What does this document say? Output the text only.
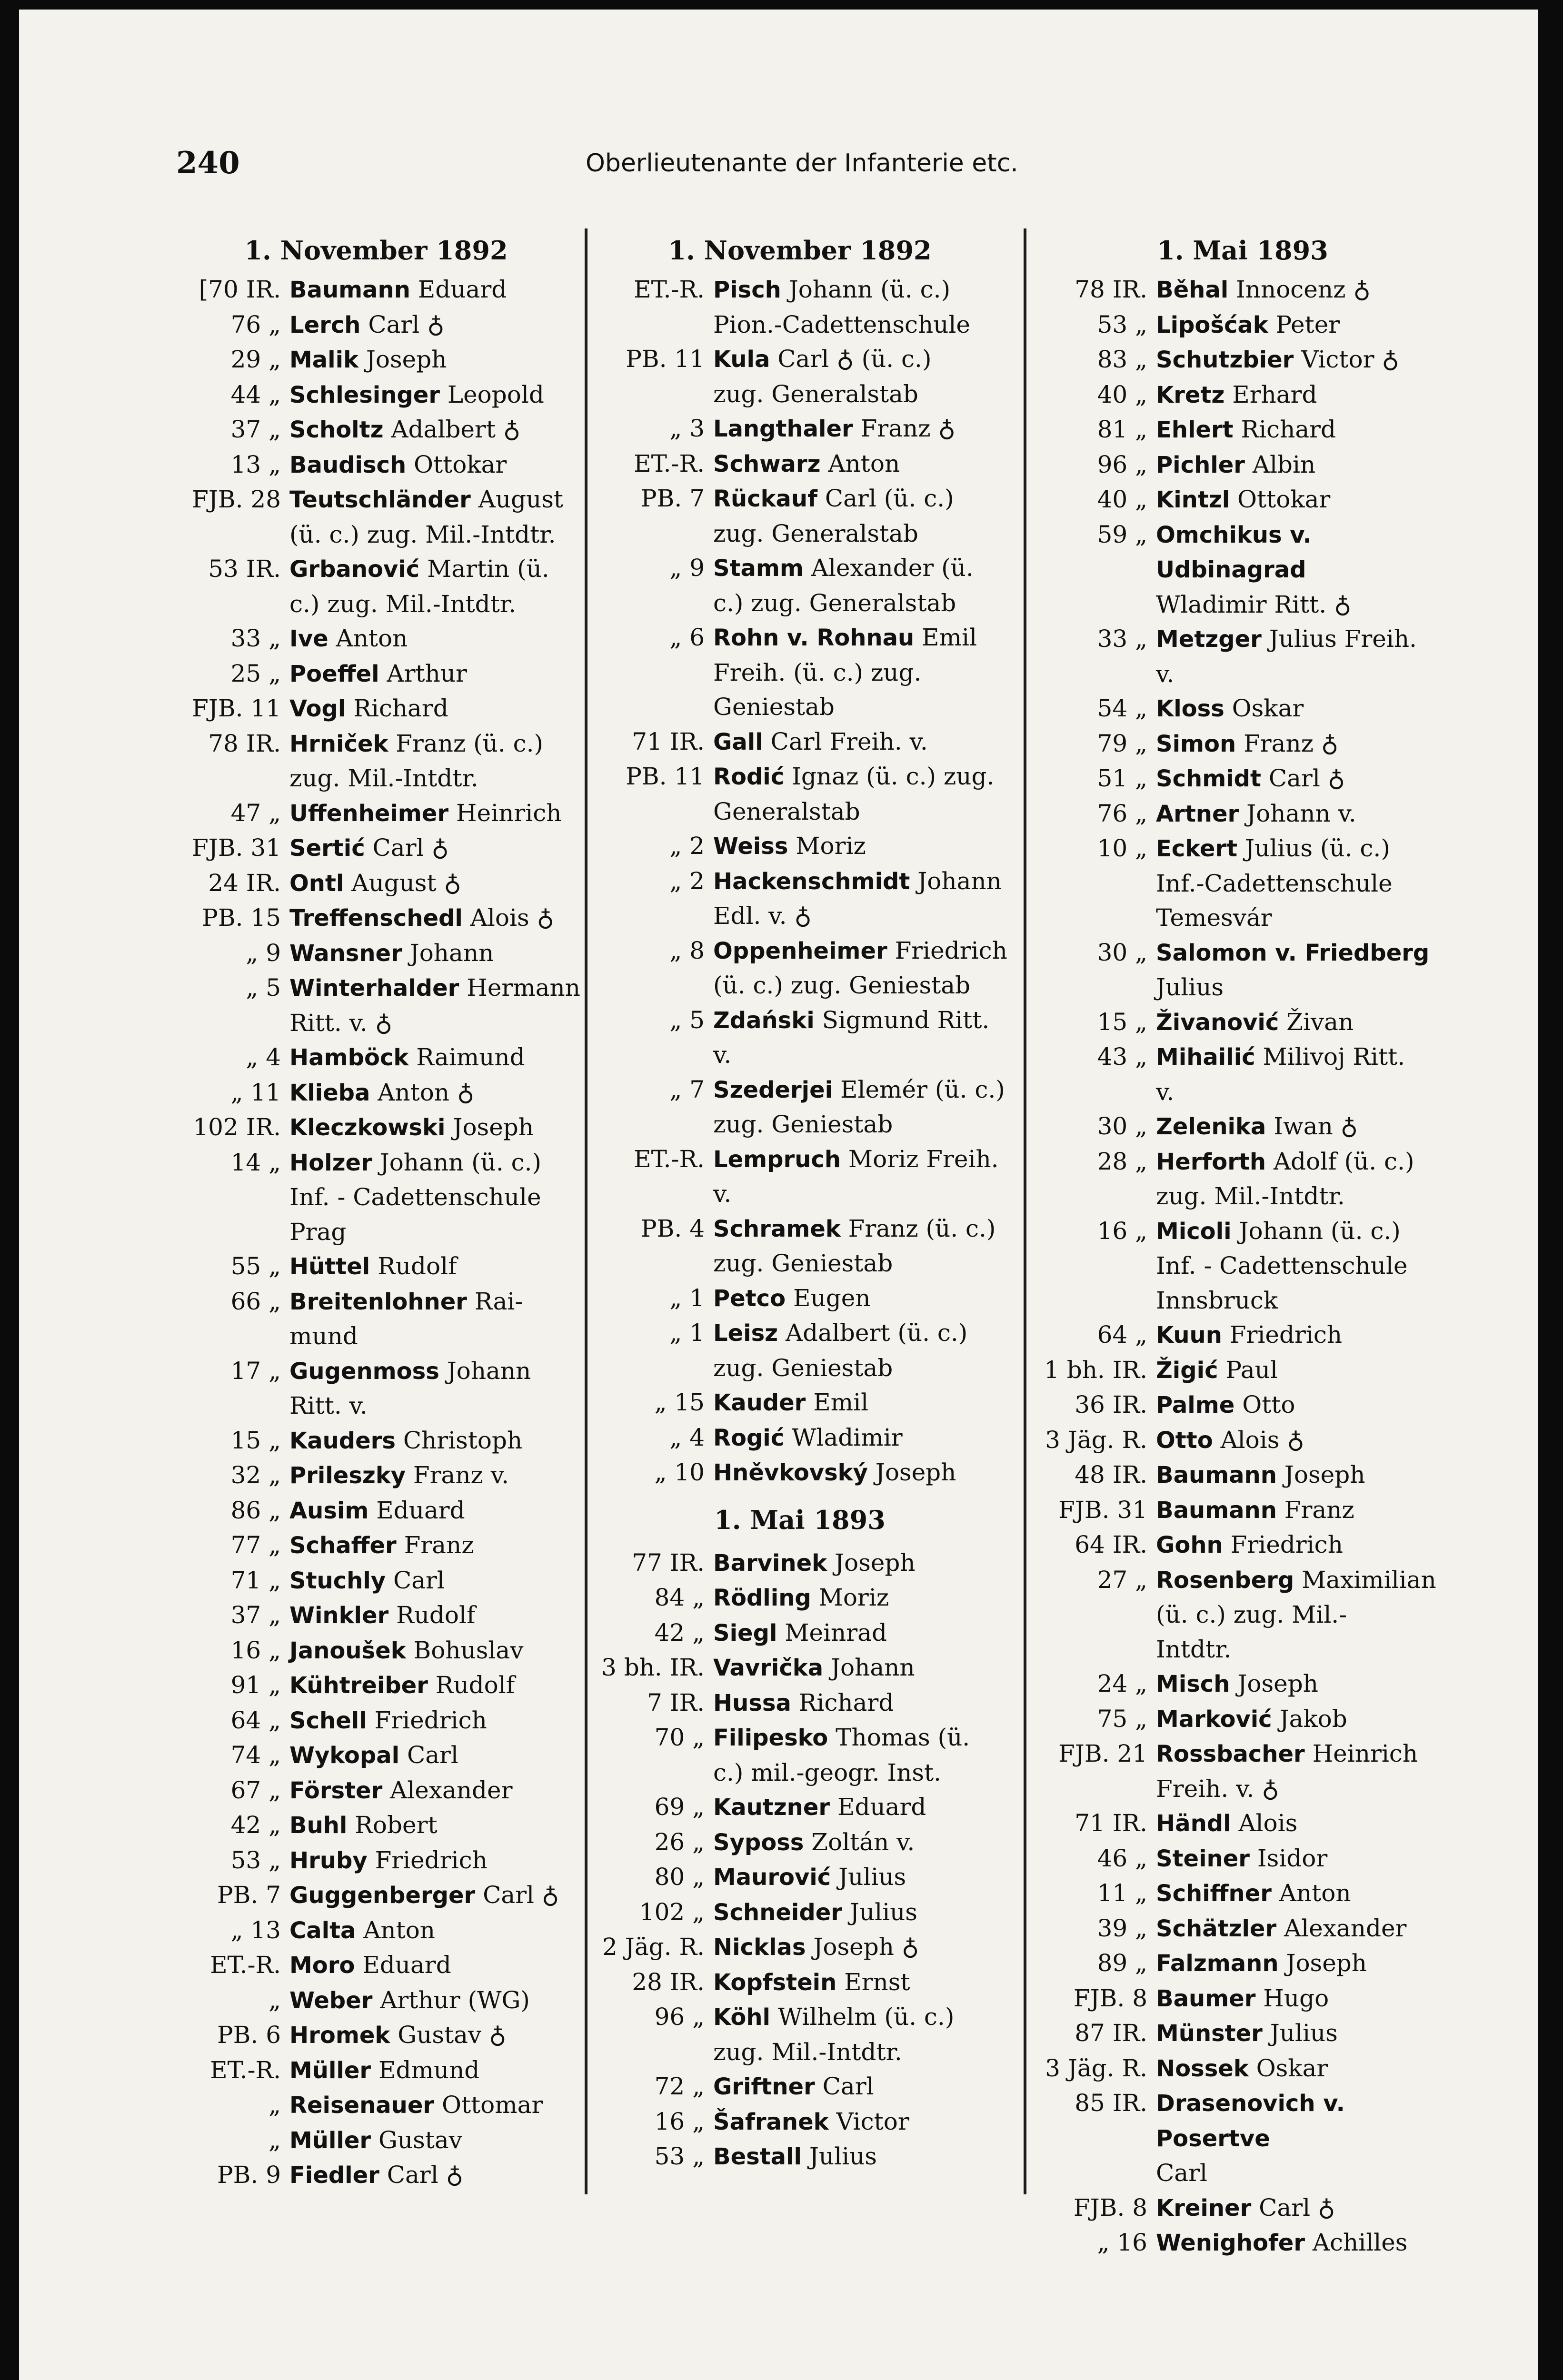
240	Oberlieutenante der Infanterie etc.
1. November 1892
[70 IR. Baumann Eduard
76 „ Lerch Carl ♁
29 „ Malik Joseph
44 „ Schlesinger Leopold
37 „ Scholtz Adalbert ♁
13 „ Baudisch Ottokar
FJB. 28 Teutschländer August
(ü. c.) zug. Mil.-Intdtr.
53 IR. Grbanović Martin (ü.
c.) zug. Mil.-Intdtr.
33 „ Ive Anton
25 „ Poeffel Arthur
FJB. 11 Vogl Richard
78 IR. Hrniček Franz (ü. c.)
zug. Mil.-Intdtr.
47 „ Uffenheimer Heinrich
FJB. 31 Sertić Carl ♁
24 IR. Ontl August ♁
PB. 15 Treffenschedl Alois ♁
„ 9 Wansner Johann
„ 5 Winterhalder Hermann
Ritt. v. ♁
„ 4 Hamböck Raimund
„ 11 Klieba Anton ♁
102 IR. Kleczkowski Joseph
14 „ Holzer Johann (ü. c.)
Inf. - Cadettenschule
Prag
55 „ Hüttel Rudolf
66 „ Breitenlohner Rai-
mund
17 „ Gugenmoss Johann
Ritt. v.
15 „ Kauders Christoph
32 „ Prileszky Franz v.
86 „ Ausim Eduard
77 „ Schaffer Franz
71 „ Stuchly Carl
37 „ Winkler Rudolf
16 „ Janoušek Bohuslav
91 „ Kühtreiber Rudolf
64 „ Schell Friedrich
74 „ Wykopal Carl
67 „ Förster Alexander
42 „ Buhl Robert
53 „ Hruby Friedrich
PB. 7 Guggenberger Carl ♁
„ 13 Calta Anton
ET.-R. Moro Eduard
„ Weber Arthur (WG)
PB. 6 Hromek Gustav ♁
ET.-R. Müller Edmund
„ Reisenauer Ottomar
„ Müller Gustav
PB. 9 Fiedler Carl ♁
1. November 1892
ET.-R. Pisch Johann (ü. c.)
Pion.-Cadettenschule
PB. 11 Kula Carl ♁ (ü. c.)
zug. Generalstab
„ 3 Langthaler Franz ♁
ET.-R. Schwarz Anton
PB. 7 Rückauf Carl (ü. c.)
zug. Generalstab
„ 9 Stamm Alexander (ü.
c.) zug. Generalstab
„ 6 Rohn v. Rohnau Emil
Freih. (ü. c.) zug.
Geniestab
71 IR. Gall Carl Freih. v.
PB. 11 Rodić Ignaz (ü. c.) zug.
Generalstab
„ 2 Weiss Moriz
„ 2 Hackenschmidt Johann
Edl. v. ♁
„ 8 Oppenheimer Friedrich
(ü. c.) zug. Geniestab
„ 5 Zdański Sigmund Ritt.
v.
„ 7 Szederjei Elemér (ü. c.)
zug. Geniestab
ET.-R. Lempruch Moriz Freih.
v.
PB. 4 Schramek Franz (ü. c.)
zug. Geniestab
„ 1 Petco Eugen
„ 1 Leisz Adalbert (ü. c.)
zug. Geniestab
„ 15 Kauder Emil
„ 4 Rogić Wladimir
„ 10 Hněvkovský Joseph
1. Mai 1893
77 IR. Barvinek Joseph
84 „ Rödling Moriz
42 „ Siegl Meinrad
3 bh. IR. Vavrička Johann
7 IR. Hussa Richard
70 „ Filipesko Thomas (ü.
c.) mil.-geogr. Inst.
69 „ Kautzner Eduard
26 „ Syposs Zoltán v.
80 „ Maurović Julius
102 „ Schneider Julius
2 Jäg. R. Nicklas Joseph ♁
28 IR. Kopfstein Ernst
96 „ Köhl Wilhelm (ü. c.)
zug. Mil.-Intdtr.
72 „ Griftner Carl
16 „ Šafranek Victor
53 „ Bestall Julius
1. Mai 1893
78 IR. Běhal Innocenz ♁
53 „ Lipošćak Peter
83 „ Schutzbier Victor ♁
40 „ Kretz Erhard
81 „ Ehlert Richard
96 „ Pichler Albin
40 „ Kintzl Ottokar
59 „ Omchikus v. Udbinagrad
Wladimir Ritt. ♁
33 „ Metzger Julius Freih.
v.
54 „ Kloss Oskar
79 „ Simon Franz ♁
51 „ Schmidt Carl ♁
76 „ Artner Johann v.
10 „ Eckert Julius (ü. c.)
Inf.-Cadettenschule
Temesvár
30 „ Salomon v. Friedberg
Julius
15 „ Živanović Živan
43 „ Mihailić Milivoj Ritt.
v.
30 „ Zelenika Iwan ♁
28 „ Herforth Adolf (ü. c.)
zug. Mil.-Intdtr.
16 „ Micoli Johann (ü. c.)
Inf. - Cadettenschule
Innsbruck
64 „ Kuun Friedrich
1 bh. IR. Žigić Paul
36 IR. Palme Otto
3 Jäg. R. Otto Alois ♁
48 IR. Baumann Joseph
FJB. 31 Baumann Franz
64 IR. Gohn Friedrich
27 „ Rosenberg Maximilian
(ü. c.) zug. Mil.-
Intdtr.
24 „ Misch Joseph
75 „ Marković Jakob
FJB. 21 Rossbacher Heinrich
Freih. v. ♁
71 IR. Händl Alois
46 „ Steiner Isidor
11 „ Schiffner Anton
39 „ Schätzler Alexander
89 „ Falzmann Joseph
FJB. 8 Baumer Hugo
87 IR. Münster Julius
3 Jäg. R. Nossek Oskar
85 IR. Drasenovich v. Posertve
Carl
FJB. 8 Kreiner Carl ♁
„ 16 Wenighofer Achilles
